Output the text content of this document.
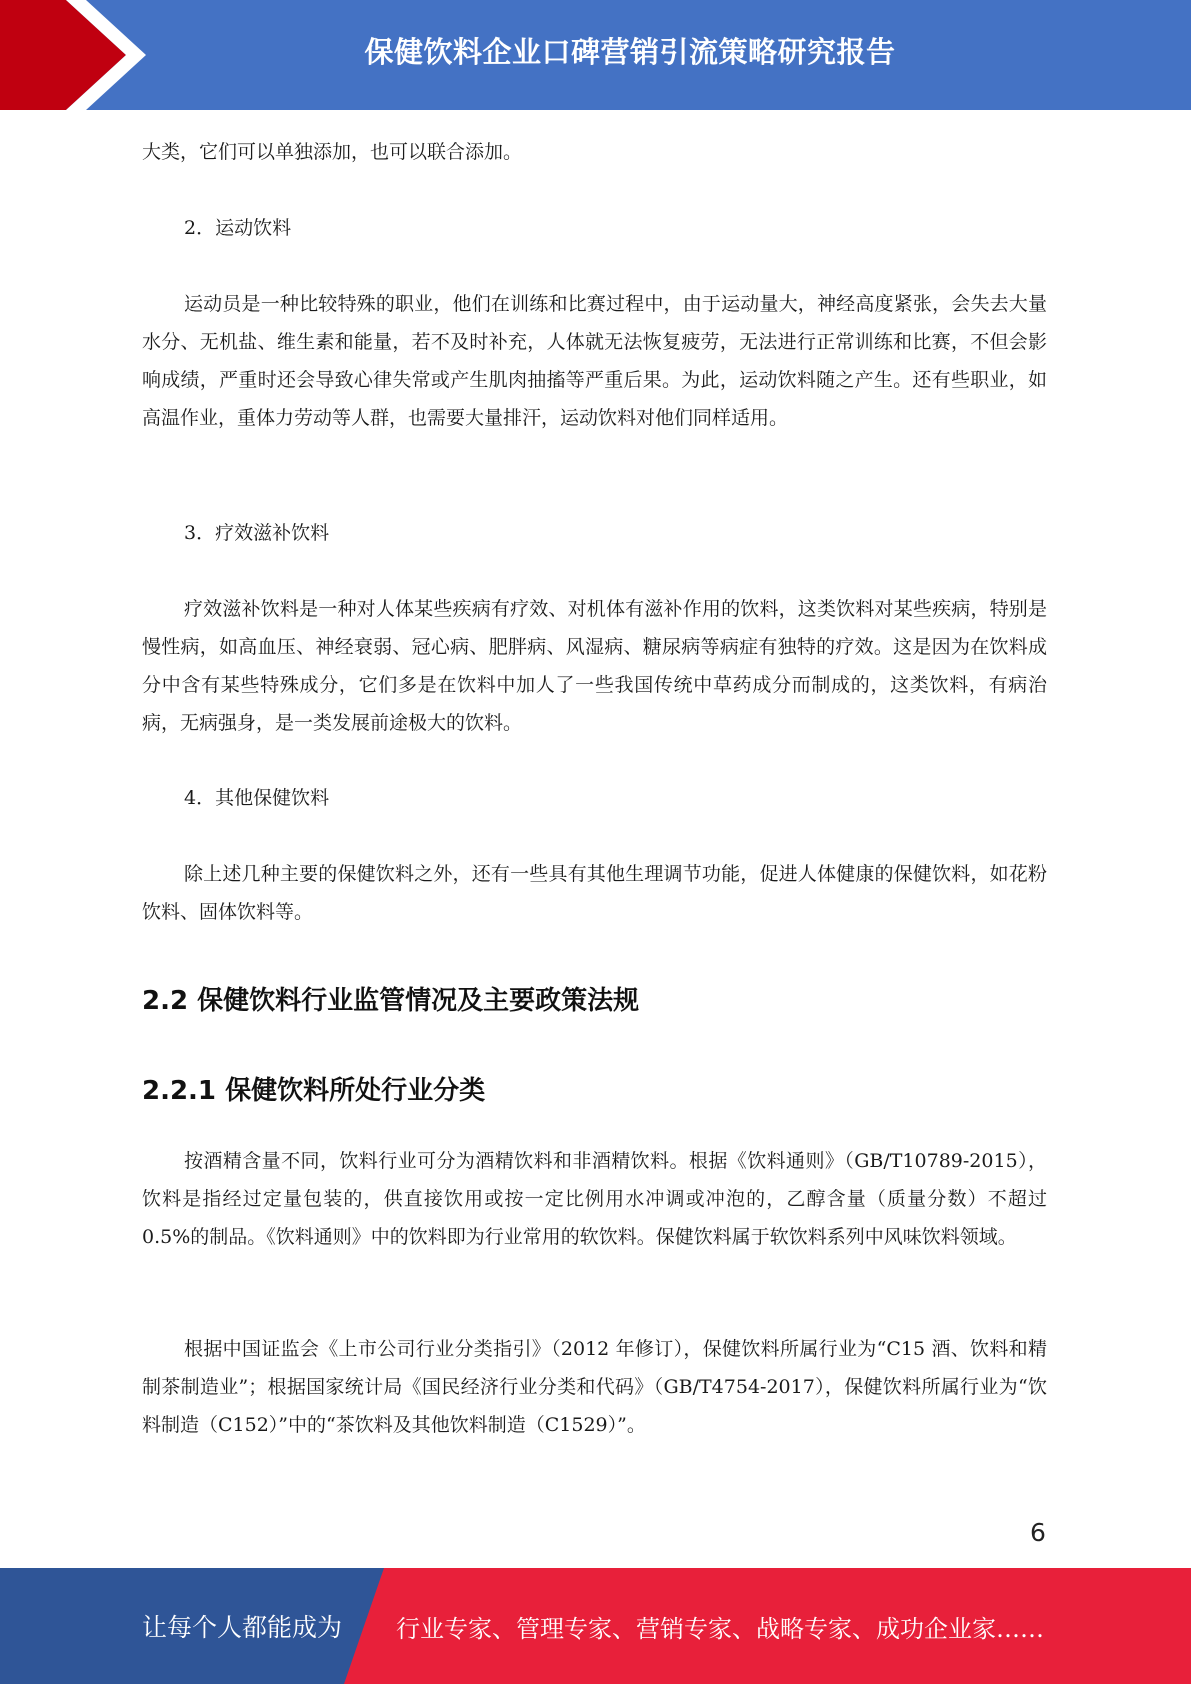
保健饮料企业口碑营销引流策略研究报告

大类，它们可以单独添加，也可以联合添加。

2．运动饮料

运动员是一种比较特殊的职业，他们在训练和比赛过程中，由于运动量大，神经高度紧张，会失去大量水分、无机盐、维生素和能量，若不及时补充，人体就无法恢复疲劳，无法进行正常训练和比赛，不但会影响成绩，严重时还会导致心律失常或产生肌肉抽搐等严重后果。为此，运动饮料随之产生。还有些职业，如高温作业，重体力劳动等人群，也需要大量排汗，运动饮料对他们同样适用。

3．疗效滋补饮料

疗效滋补饮料是一种对人体某些疾病有疗效、对机体有滋补作用的饮料，这类饮料对某些疾病，特别是慢性病，如高血压、神经衰弱、冠心病、肥胖病、风湿病、糖尿病等病症有独特的疗效。这是因为在饮料成分中含有某些特殊成分，它们多是在饮料中加人了一些我国传统中草药成分而制成的，这类饮料，有病治病，无病强身，是一类发展前途极大的饮料。

4．其他保健饮料

除上述几种主要的保健饮料之外，还有一些具有其他生理调节功能，促进人体健康的保健饮料，如花粉饮料、固体饮料等。

2.2 保健饮料行业监管情况及主要政策法规
2.2.1 保健饮料所处行业分类

按酒精含量不同，饮料行业可分为酒精饮料和非酒精饮料。根据《饮料通则》（GB/T10789-2015），饮料是指经过定量包装的，供直接饮用或按一定比例用水冲调或冲泡的，乙醇含量（质量分数）不超过 0.5%的制品。《饮料通则》中的饮料即为行业常用的软饮料。保健饮料属于软饮料系列中风味饮料领域。

根据中国证监会《上市公司行业分类指引》（2012 年修订），保健饮料所属行业为“C15 酒、饮料和精制茶制造业”；根据国家统计局《国民经济行业分类和代码》（GB/T4754-2017），保健饮料所属行业为“饮料制造（C152）”中的“茶饮料及其他饮料制造（C1529）”。

6
让每个人都能成为 行业专家、管理专家、营销专家、战略专家、成功企业家……
